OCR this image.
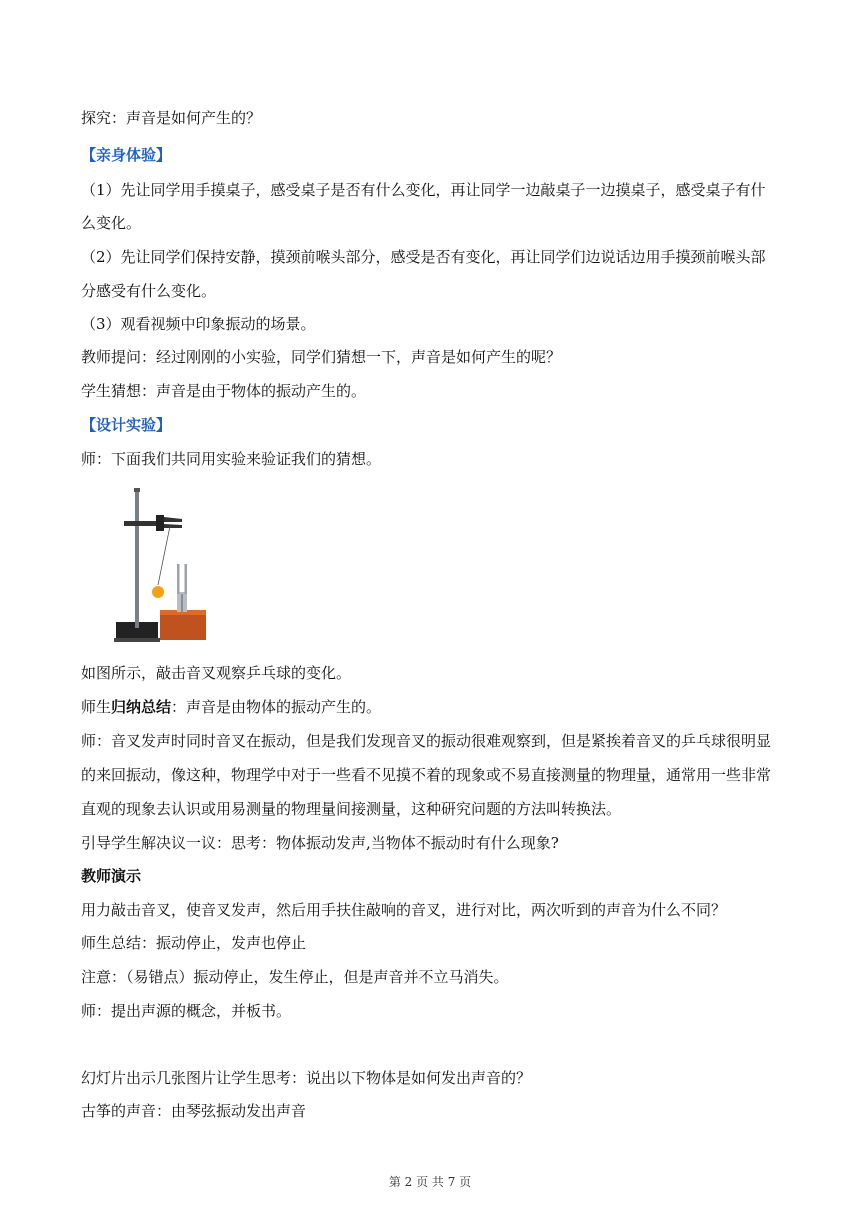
探究：声音是如何产生的？
【亲身体验】
（1）先让同学用手摸桌子，感受桌子是否有什么变化，再让同学一边敲桌子一边摸桌子，感受桌子有什
么变化。
（2）先让同学们保持安静，摸颈前喉头部分，感受是否有变化，再让同学们边说话边用手摸颈前喉头部
分感受有什么变化。
（3）观看视频中印象振动的场景。
教师提问：经过刚刚的小实验，同学们猜想一下，声音是如何产生的呢？
学生猜想：声音是由于物体的振动产生的。
【设计实验】
师：下面我们共同用实验来验证我们的猜想。
如图所示，敲击音叉观察乒乓球的变化。
师生归纳总结：声音是由物体的振动产生的。
师：音叉发声时同时音叉在振动，但是我们发现音叉的振动很难观察到，但是紧挨着音叉的乒乓球很明显
的来回振动，像这种，物理学中对于一些看不见摸不着的现象或不易直接测量的物理量，通常用一些非常
直观的现象去认识或用易测量的物理量间接测量，这种研究问题的方法叫转换法。
引导学生解决议一议：思考：物体振动发声,当物体不振动时有什么现象?
教师演示
用力敲击音叉，使音叉发声，然后用手扶住敲响的音叉，进行对比，两次听到的声音为什么不同？
师生总结：振动停止，发声也停止
注意：（易错点）振动停止，发生停止，但是声音并不立马消失。
师：提出声源的概念，并板书。
幻灯片出示几张图片让学生思考：说出以下物体是如何发出声音的？
古筝的声音：由琴弦振动发出声音
第 2 页 共 7 页
